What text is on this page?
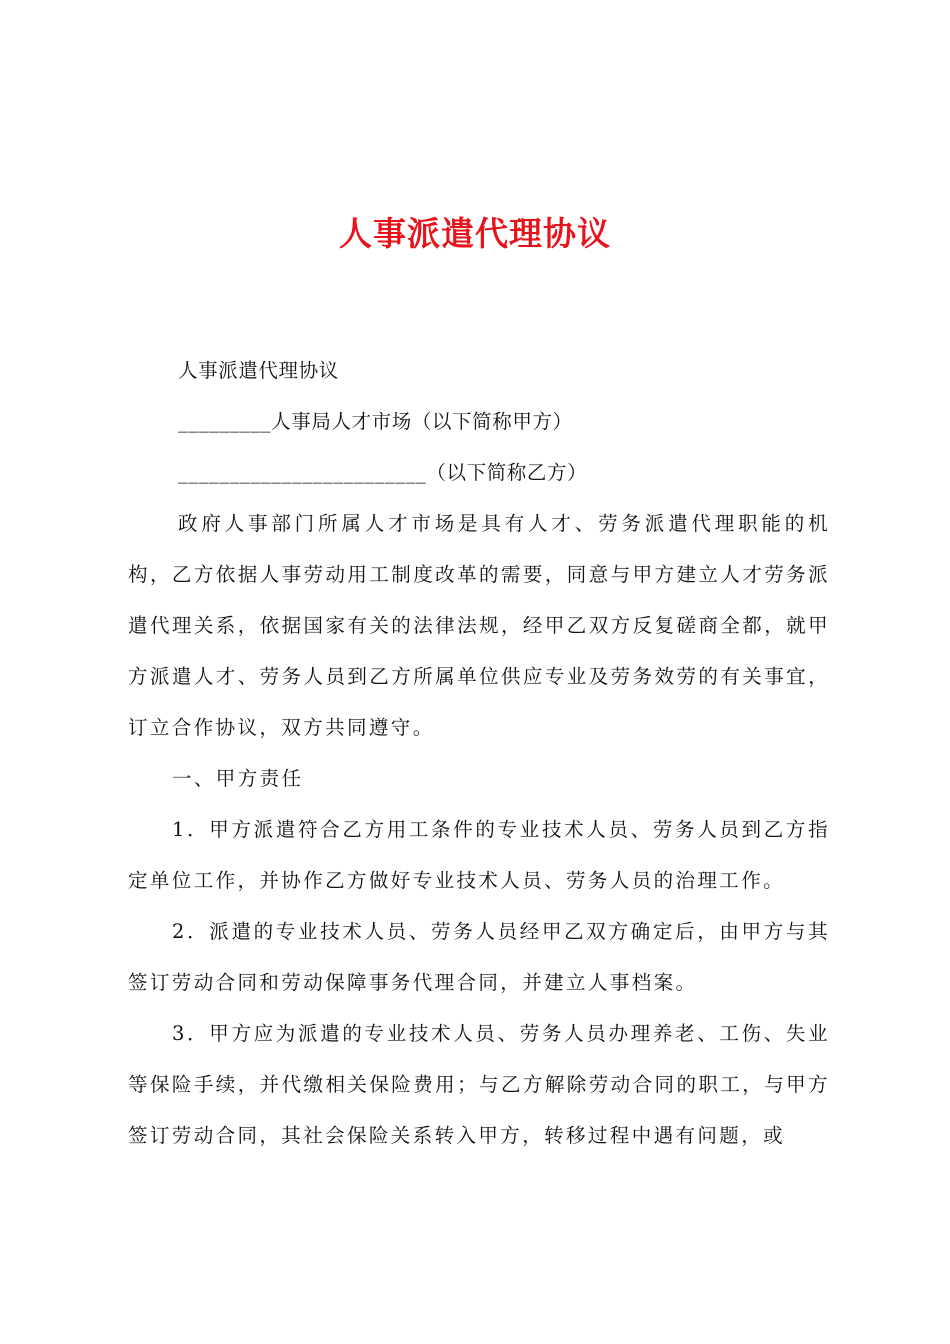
人事派遣代理协议

人事派遣代理协议

_________人事局人才市场（以下简称甲方）

________________________（以下简称乙方）

政府人事部门所属人才市场是具有人才、劳务派遣代理职能的机构，乙方依据人事劳动用工制度改革的需要，同意与甲方建立人才劳务派遣代理关系，依据国家有关的法律法规，经甲乙双方反复磋商全都，就甲方派遣人才、劳务人员到乙方所属单位供应专业及劳务效劳的有关事宜，订立合作协议，双方共同遵守。

一、甲方责任

1．甲方派遣符合乙方用工条件的专业技术人员、劳务人员到乙方指定单位工作，并协作乙方做好专业技术人员、劳务人员的治理工作。

2．派遣的专业技术人员、劳务人员经甲乙双方确定后，由甲方与其签订劳动合同和劳动保障事务代理合同，并建立人事档案。

3．甲方应为派遣的专业技术人员、劳务人员办理养老、工伤、失业等保险手续，并代缴相关保险费用；与乙方解除劳动合同的职工，与甲方签订劳动合同，其社会保险关系转入甲方，转移过程中遇有问题，或
